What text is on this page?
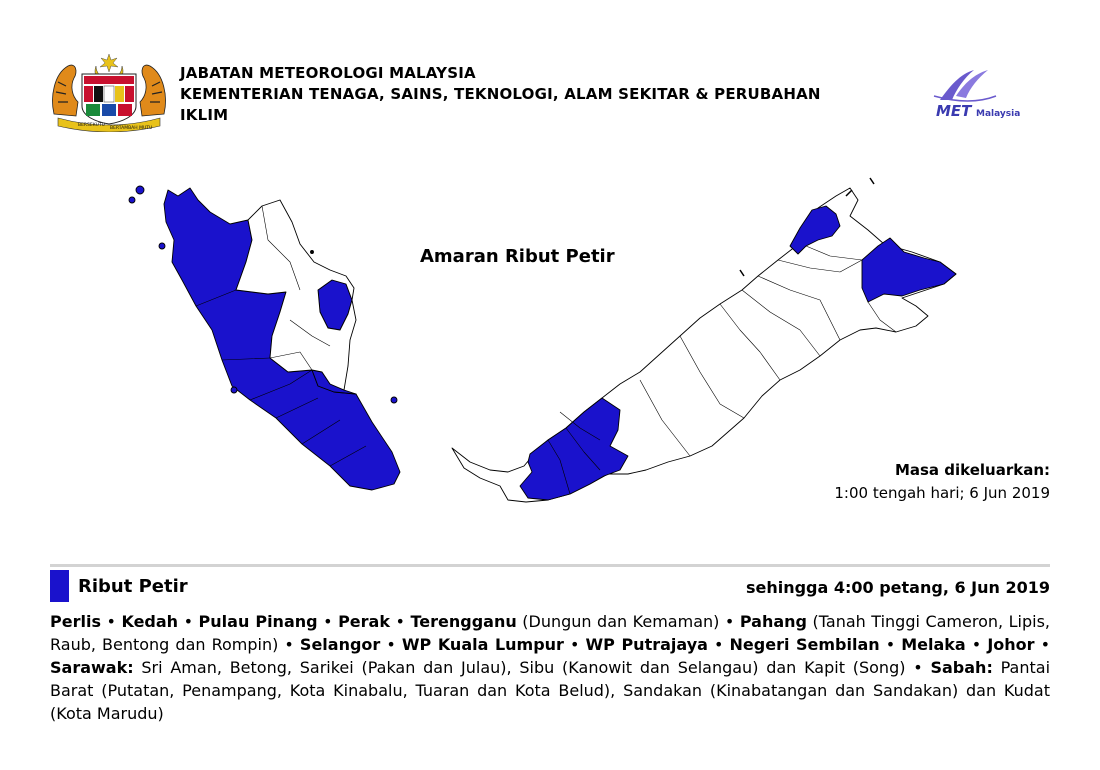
BERSEKUTU
BERTAMBAH MUTU
JABATAN METEOROLOGI MALAYSIA
KEMENTERIAN TENAGA, SAINS, TEKNOLOGI, ALAM SEKITAR & PERUBAHAN
IKLIM	MET Malaysia
Amaran Ribut Petir
Masa dikeluarkan:
1:00 tengah hari; 6 Jun 2019
Ribut Petir	sehingga 4:00 petang, 6 Jun 2019
Perlis • Kedah • Pulau Pinang • Perak • Terengganu (Dungun dan Kemaman) • Pahang (Tanah Tinggi Cameron, Lipis, Raub, Bentong dan Rompin) • Selangor • WP Kuala Lumpur • WP Putrajaya • Negeri Sembilan • Melaka • Johor • Sarawak: Sri Aman, Betong, Sarikei (Pakan dan Julau), Sibu (Kanowit dan Selangau) dan Kapit (Song) • Sabah: Pantai Barat (Putatan, Penampang, Kota Kinabalu, Tuaran dan Kota Belud), Sandakan (Kinabatangan dan Sandakan) dan Kudat (Kota Marudu)
